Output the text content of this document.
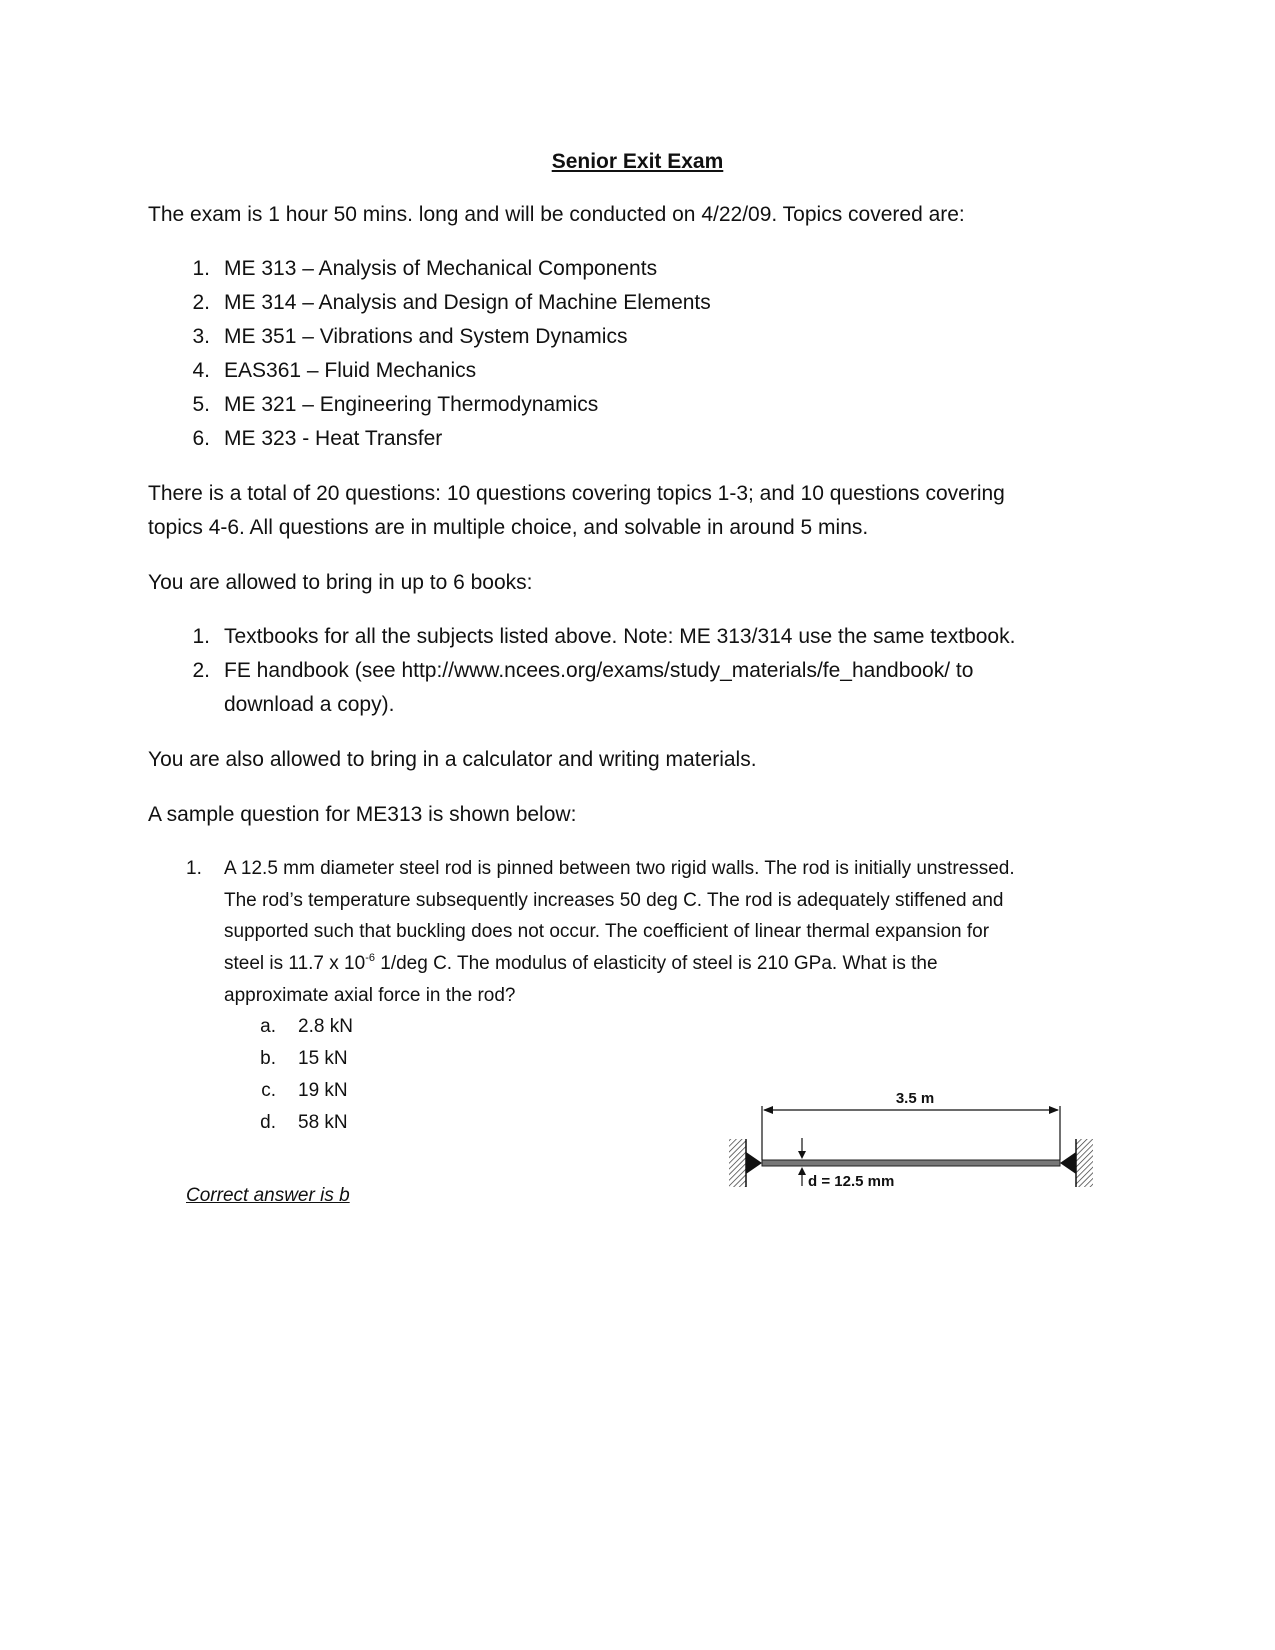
Senior Exit Exam
The exam is 1 hour 50 mins. long and will be conducted on 4/22/09. Topics covered are:
1. ME 313 – Analysis of Mechanical Components
2. ME 314 – Analysis and Design of Machine Elements
3. ME 351 – Vibrations and System Dynamics
4. EAS361 – Fluid Mechanics
5. ME 321 – Engineering Thermodynamics
6. ME 323 - Heat Transfer
There is a total of 20 questions: 10 questions covering topics 1-3; and 10 questions covering
topics 4-6. All questions are in multiple choice, and solvable in around 5 mins.
You are allowed to bring in up to 6 books:
1. Textbooks for all the subjects listed above. Note: ME 313/314 use the same textbook.
2. FE handbook (see http://www.ncees.org/exams/study_materials/fe_handbook/ to
download a copy).
You are also allowed to bring in a calculator and writing materials.
A sample question for ME313 is shown below:
1. A 12.5 mm diameter steel rod is pinned between two rigid walls. The rod is initially unstressed.
The rod’s temperature subsequently increases 50 deg C. The rod is adequately stiffened and
supported such that buckling does not occur. The coefficient of linear thermal expansion for
steel is 11.7 x $10^{-6}$ 1/deg C. The modulus of elasticity of steel is 210 GPa. What is the
approximate axial force in the rod?
a. 2.8 kN
b. 15 kN
c. 19 kN
d. 58 kN
Correct answer is b
3.5 m
d = 12.5 mm
